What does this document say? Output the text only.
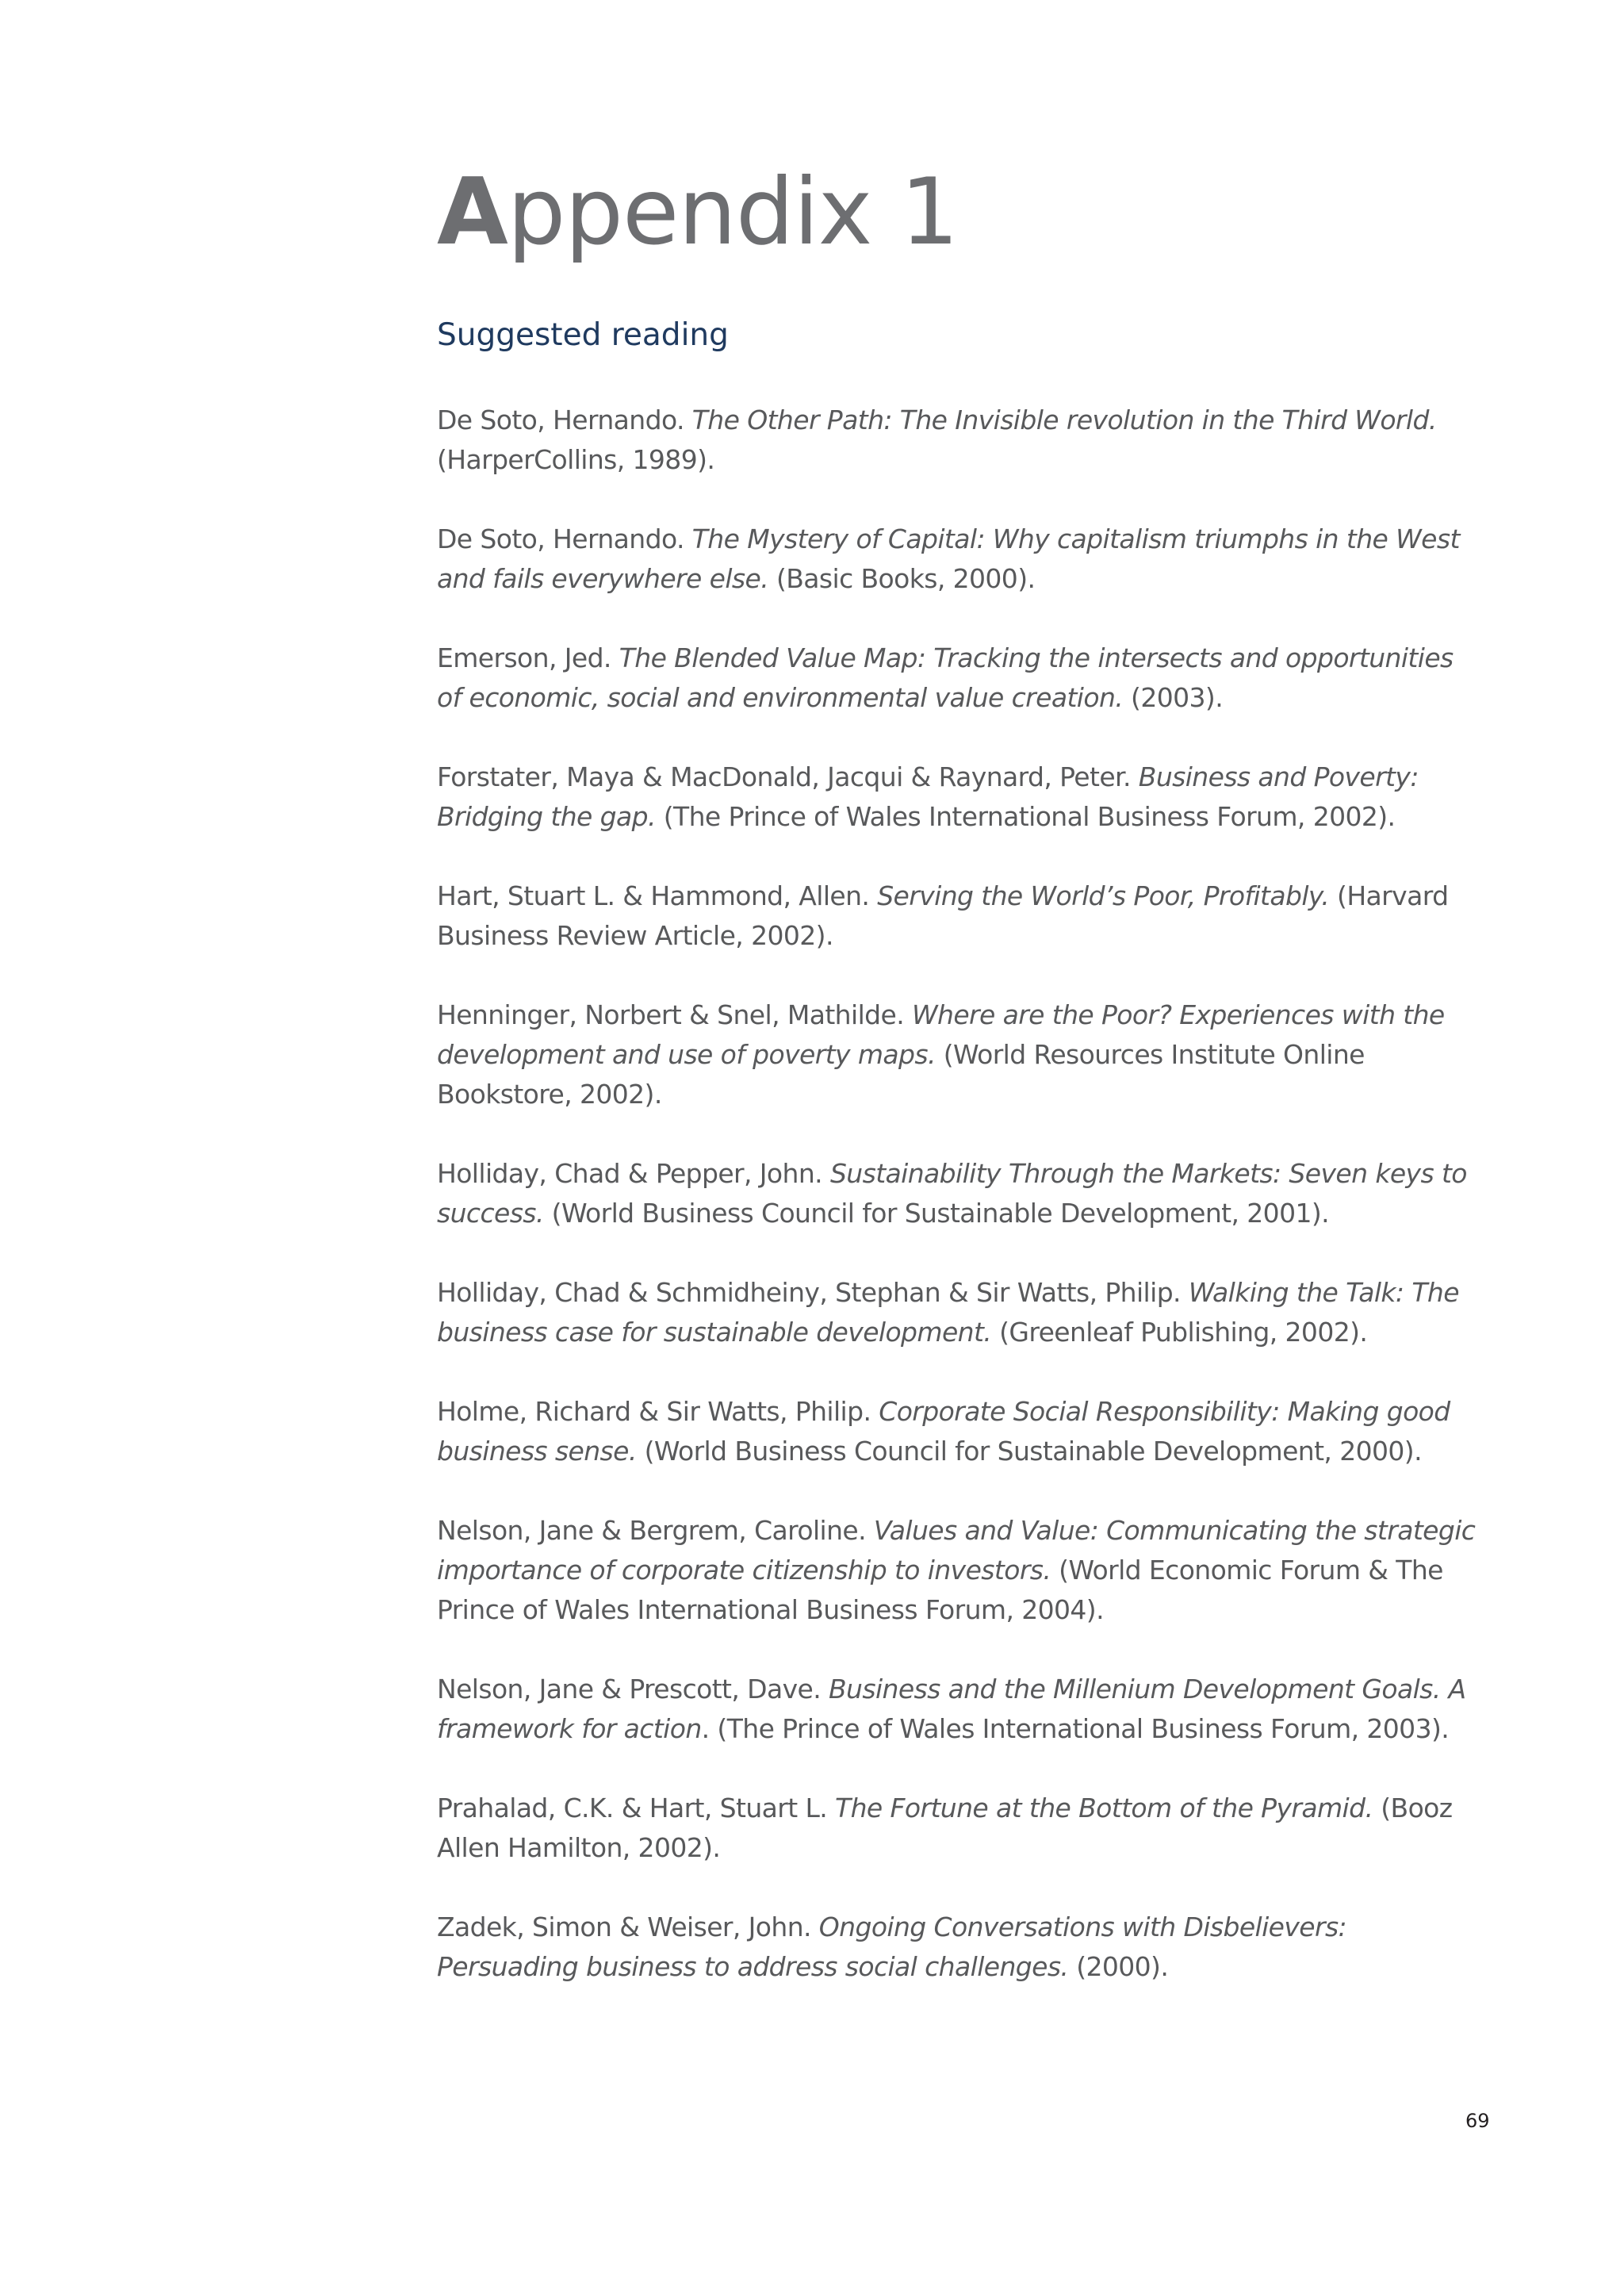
Appendix 1
Suggested reading
De Soto, Hernando. The Other Path: The Invisible revolution in the Third World. (HarperCollins, 1989).
De Soto, Hernando. The Mystery of Capital: Why capitalism triumphs in the West and fails everywhere else. (Basic Books, 2000).
Emerson, Jed. The Blended Value Map: Tracking the intersects and opportunities of economic, social and environmental value creation. (2003).
Forstater, Maya & MacDonald, Jacqui & Raynard, Peter. Business and Poverty: Bridging the gap. (The Prince of Wales International Business Forum, 2002).
Hart, Stuart L. & Hammond, Allen. Serving the World’s Poor, Profitably. (Harvard Business Review Article, 2002).
Henninger, Norbert & Snel, Mathilde. Where are the Poor? Experiences with the development and use of poverty maps. (World Resources Institute Online Bookstore, 2002).
Holliday, Chad & Pepper, John. Sustainability Through the Markets: Seven keys to success. (World Business Council for Sustainable Development, 2001).
Holliday, Chad & Schmidheiny, Stephan & Sir Watts, Philip. Walking the Talk: The business case for sustainable development. (Greenleaf Publishing, 2002).
Holme, Richard & Sir Watts, Philip. Corporate Social Responsibility: Making good business sense. (World Business Council for Sustainable Development, 2000).
Nelson, Jane & Bergrem, Caroline. Values and Value: Communicating the strategic importance of corporate citizenship to investors. (World Economic Forum & The Prince of Wales International Business Forum, 2004).
Nelson, Jane & Prescott, Dave. Business and the Millenium Development Goals. A framework for action. (The Prince of Wales International Business Forum, 2003).
Prahalad, C.K. & Hart, Stuart L. The Fortune at the Bottom of the Pyramid. (Booz Allen Hamilton, 2002).
Zadek, Simon & Weiser, John. Ongoing Conversations with Disbelievers: Persuading business to address social challenges. (2000).
69
